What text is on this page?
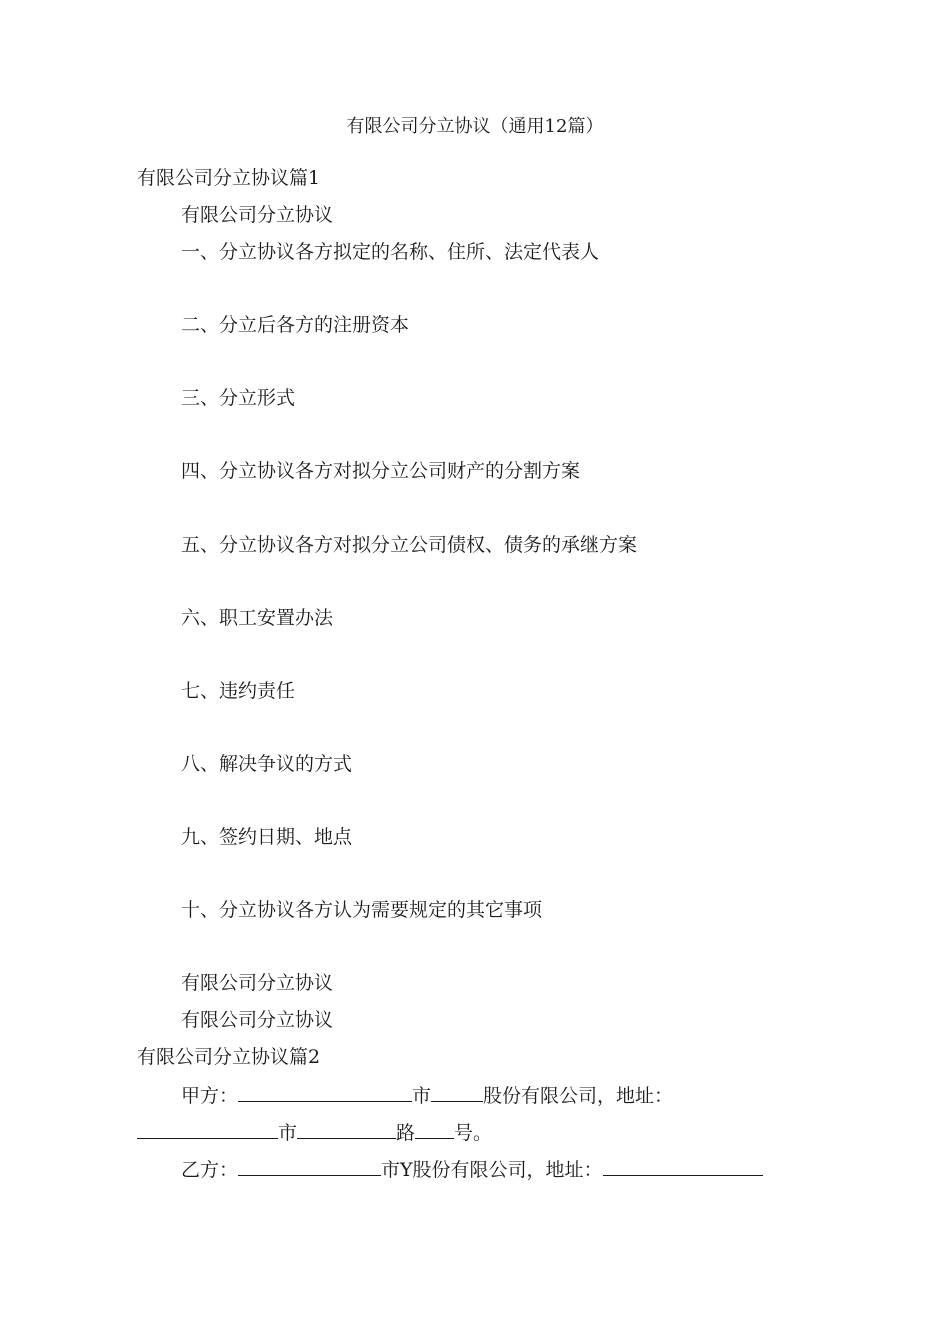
有限公司分立协议（通用12篇）
有限公司分立协议篇1
有限公司分立协议
一、分立协议各方拟定的名称、住所、法定代表人
二、分立后各方的注册资本
三、分立形式
四、分立协议各方对拟分立公司财产的分割方案
五、分立协议各方对拟分立公司债权、债务的承继方案
六、职工安置办法
七、违约责任
八、解决争议的方式
九、签约日期、地点
十、分立协议各方认为需要规定的其它事项
有限公司分立协议
有限公司分立协议
有限公司分立协议篇2
甲方：	市	股份有限公司，地址：
市	路 号。
乙方：	市Y股份有限公司，地址：
